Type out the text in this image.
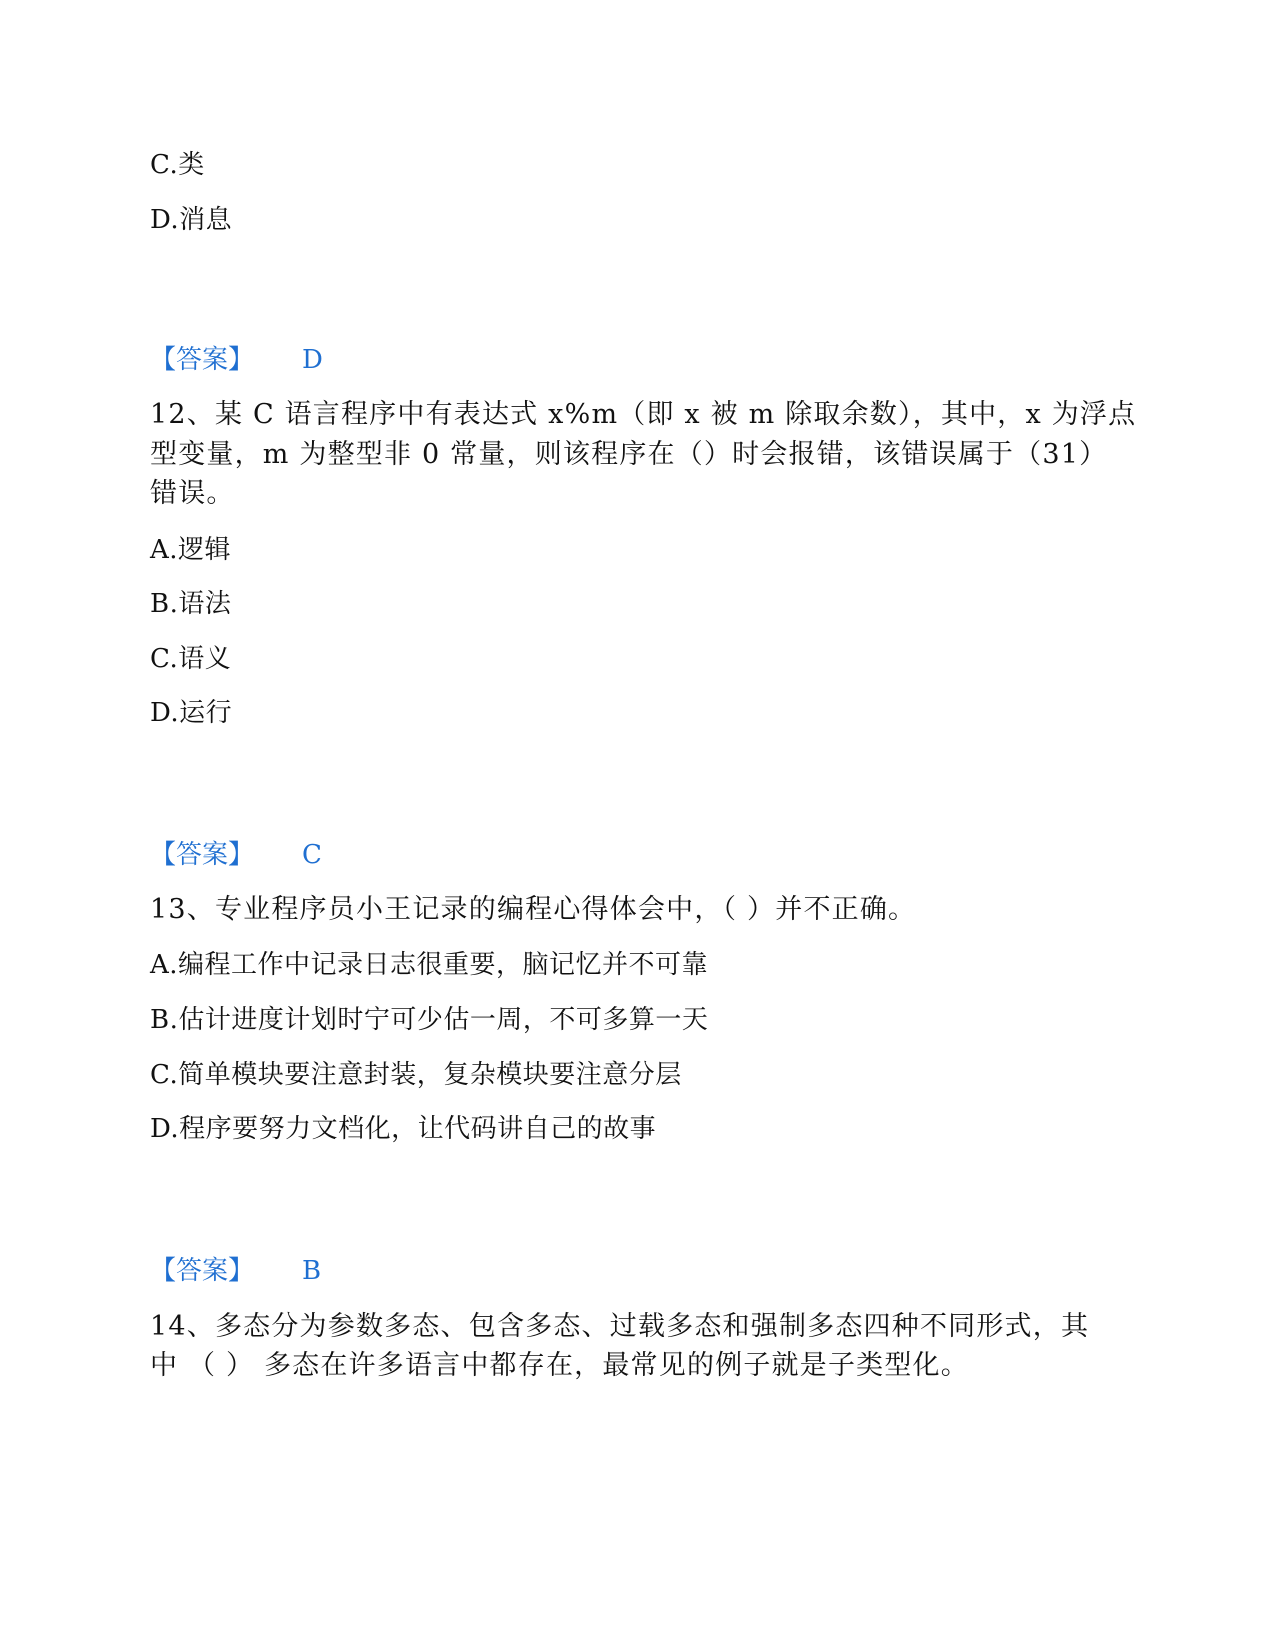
C.类
D.消息
【答案】 D
12、某 C 语言程序中有表达式 x%m（即 x 被 m 除取余数），其中，x 为浮点
型变量，m 为整型非 0 常量，则该程序在（）时会报错，该错误属于（31）
错误。
A.逻辑
B.语法
C.语义
D.运行
【答案】 C
13、专业程序员小王记录的编程心得体会中，（ ）并不正确。
A.编程工作中记录日志很重要，脑记忆并不可靠
B.估计进度计划时宁可少估一周，不可多算一天
C.简单模块要注意封装，复杂模块要注意分层
D.程序要努力文档化，让代码讲自己的故事
【答案】 B
14、多态分为参数多态、包含多态、过载多态和强制多态四种不同形式，其
中 （ ） 多态在许多语言中都存在，最常见的例子就是子类型化。
